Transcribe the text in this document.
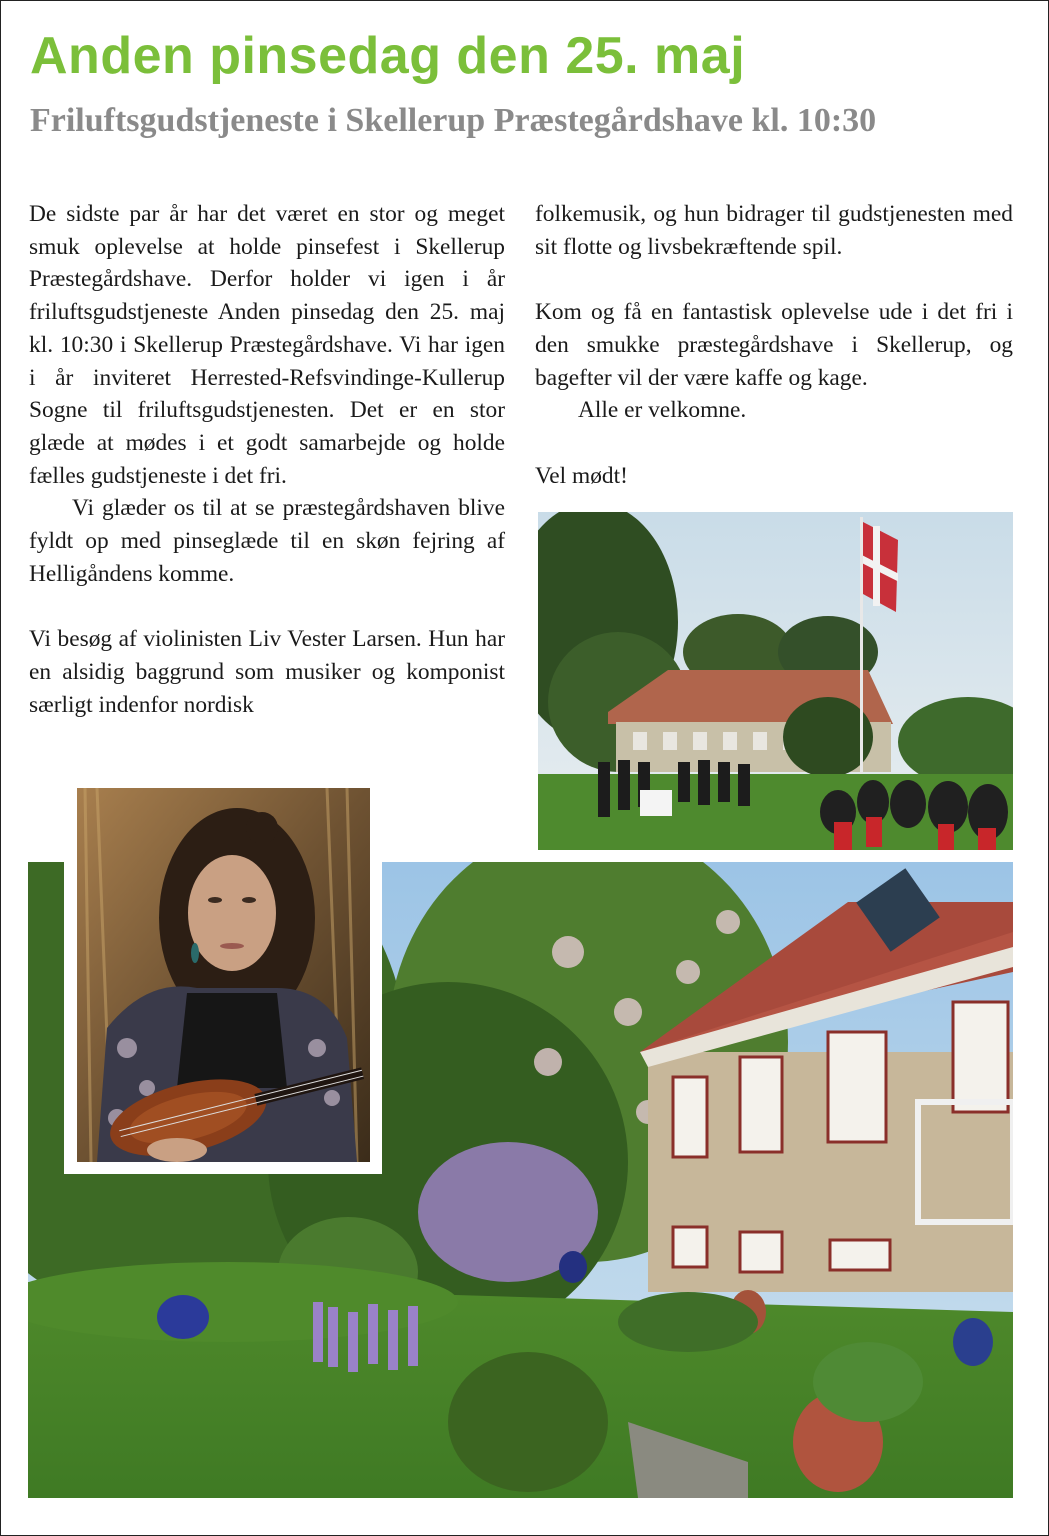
Anden pinsedag den 25. maj
Friluftsgudstjeneste i Skellerup Præstegårdshave kl. 10:30

De sidste par år har det været en stor og meget smuk oplevelse at holde pinsefest i Skellerup Præstegårdshave. Derfor holder vi igen i år friluftsgudstjeneste Anden pinsedag den 25. maj kl. 10:30 i Skellerup Præstegårdshave. Vi har igen i år inviteret Herrested-Refsvindinge-Kullerup Sogne til friluftsgudstjenesten. Det er en stor glæde at mødes i et godt samarbejde og holde fælles gudstjeneste i det fri.

Vi glæder os til at se præstegårdshaven blive fyldt op med pinseglæde til en skøn fejring af Helligåndens komme.

Vi besøg af violinisten Liv Vester Larsen. Hun har en alsidig baggrund som musiker og komponist særligt indenfor nordisk

folkemusik, og hun bidrager til gudstjenesten med sit flotte og livsbekræftende spil.

Kom og få en fantastisk oplevelse ude i det fri i den smukke præstegårdshave i Skellerup, og bagefter vil der være kaffe og kage.

Alle er velkomne.

Vel mødt!
